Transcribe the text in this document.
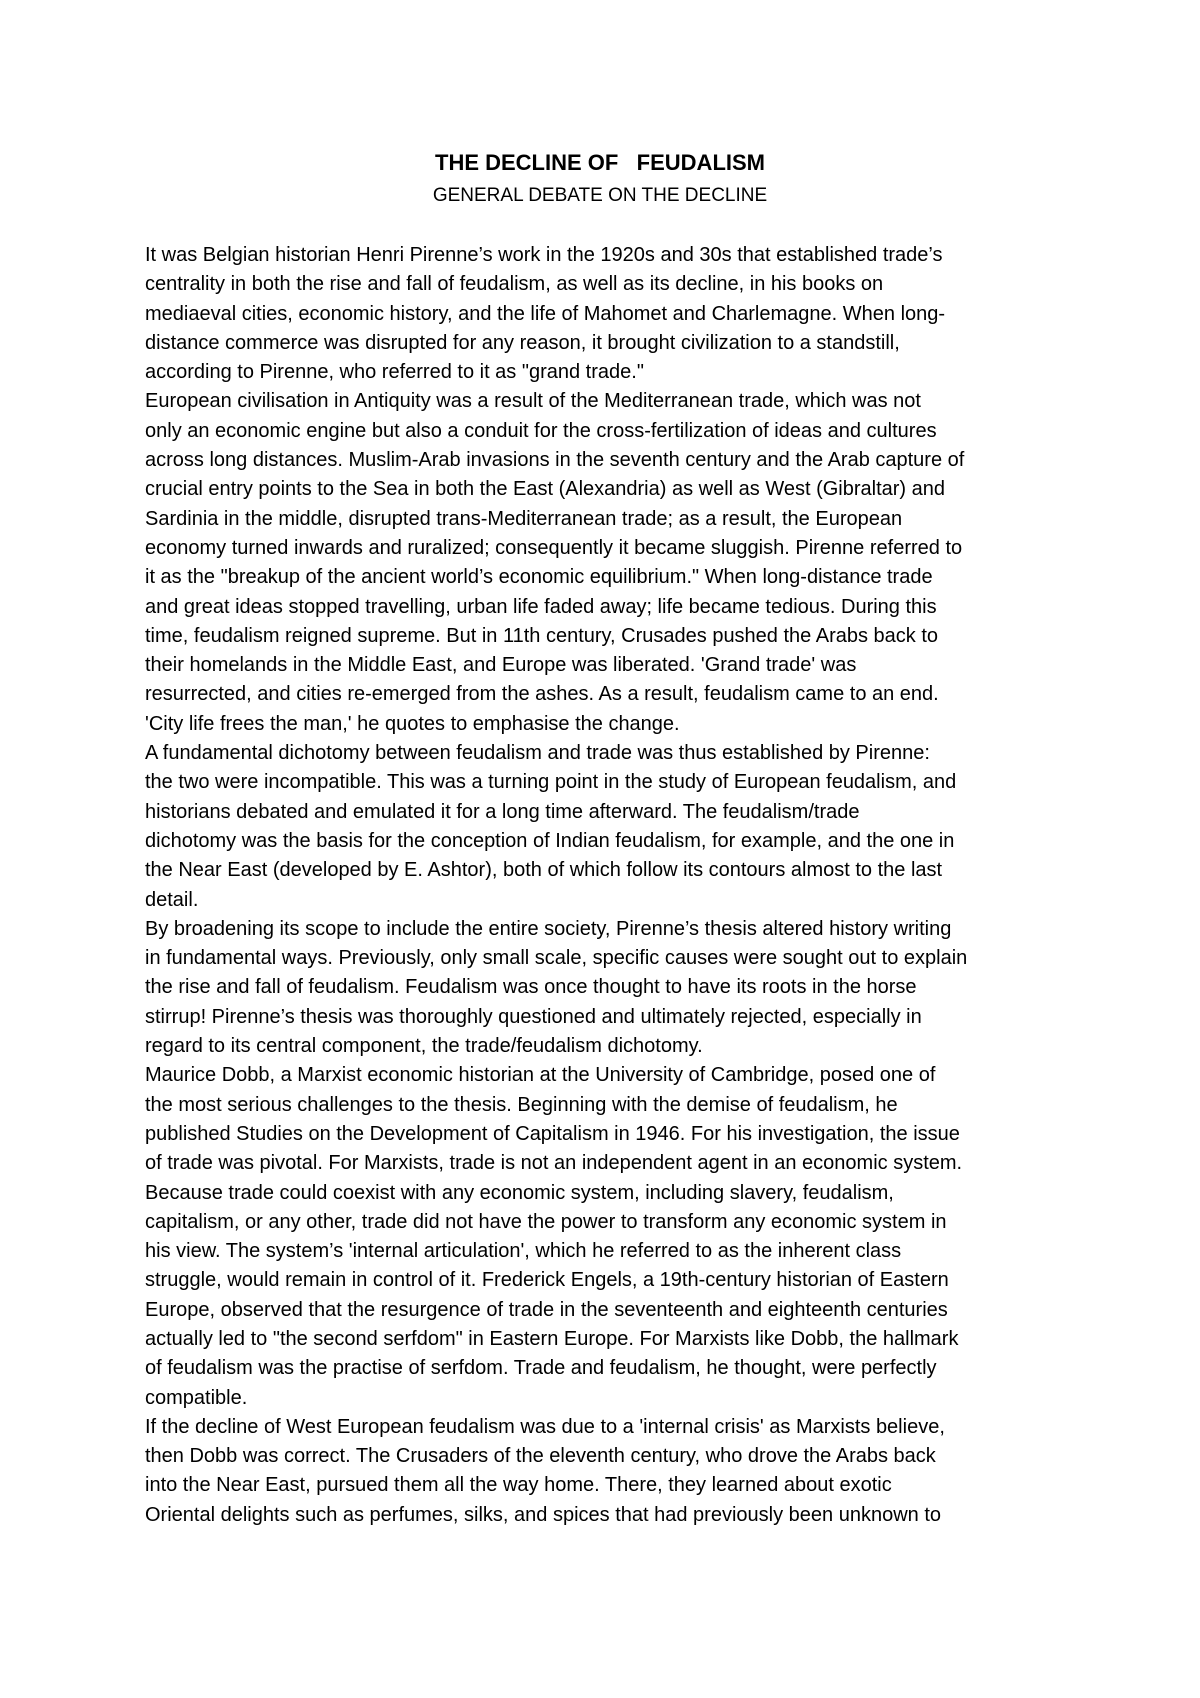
THE DECLINE OF   FEUDALISM
GENERAL DEBATE ON THE DECLINE
It was Belgian historian Henri Pirenne’s work in the 1920s and 30s that established trade’s
centrality in both the rise and fall of feudalism, as well as its decline, in his books on
mediaeval cities, economic history, and the life of Mahomet and Charlemagne. When long-
distance commerce was disrupted for any reason, it brought civilization to a standstill,
according to Pirenne, who referred to it as "grand trade."
European civilisation in Antiquity was a result of the Mediterranean trade, which was not
only an economic engine but also a conduit for the cross-fertilization of ideas and cultures
across long distances. Muslim-Arab invasions in the seventh century and the Arab capture of
crucial entry points to the Sea in both the East (Alexandria) as well as West (Gibraltar) and
Sardinia in the middle, disrupted trans-Mediterranean trade; as a result, the European
economy turned inwards and ruralized; consequently it became sluggish. Pirenne referred to
it as the "breakup of the ancient world’s economic equilibrium." When long-distance trade
and great ideas stopped travelling, urban life faded away; life became tedious. During this
time, feudalism reigned supreme. But in 11th century, Crusades pushed the Arabs back to
their homelands in the Middle East, and Europe was liberated. 'Grand trade' was
resurrected, and cities re-emerged from the ashes. As a result, feudalism came to an end.
'City life frees the man,' he quotes to emphasise the change.
A fundamental dichotomy between feudalism and trade was thus established by Pirenne:
the two were incompatible. This was a turning point in the study of European feudalism, and
historians debated and emulated it for a long time afterward. The feudalism/trade
dichotomy was the basis for the conception of Indian feudalism, for example, and the one in
the Near East (developed by E. Ashtor), both of which follow its contours almost to the last
detail.
By broadening its scope to include the entire society, Pirenne’s thesis altered history writing
in fundamental ways. Previously, only small scale, specific causes were sought out to explain
the rise and fall of feudalism. Feudalism was once thought to have its roots in the horse
stirrup! Pirenne’s thesis was thoroughly questioned and ultimately rejected, especially in
regard to its central component, the trade/feudalism dichotomy.
Maurice Dobb, a Marxist economic historian at the University of Cambridge, posed one of
the most serious challenges to the thesis. Beginning with the demise of feudalism, he
published Studies on the Development of Capitalism in 1946. For his investigation, the issue
of trade was pivotal. For Marxists, trade is not an independent agent in an economic system.
Because trade could coexist with any economic system, including slavery, feudalism,
capitalism, or any other, trade did not have the power to transform any economic system in
his view. The system’s 'internal articulation', which he referred to as the inherent class
struggle, would remain in control of it. Frederick Engels, a 19th-century historian of Eastern
Europe, observed that the resurgence of trade in the seventeenth and eighteenth centuries
actually led to "the second serfdom" in Eastern Europe. For Marxists like Dobb, the hallmark
of feudalism was the practise of serfdom. Trade and feudalism, he thought, were perfectly
compatible.
If the decline of West European feudalism was due to a 'internal crisis' as Marxists believe,
then Dobb was correct. The Crusaders of the eleventh century, who drove the Arabs back
into the Near East, pursued them all the way home. There, they learned about exotic
Oriental delights such as perfumes, silks, and spices that had previously been unknown to
